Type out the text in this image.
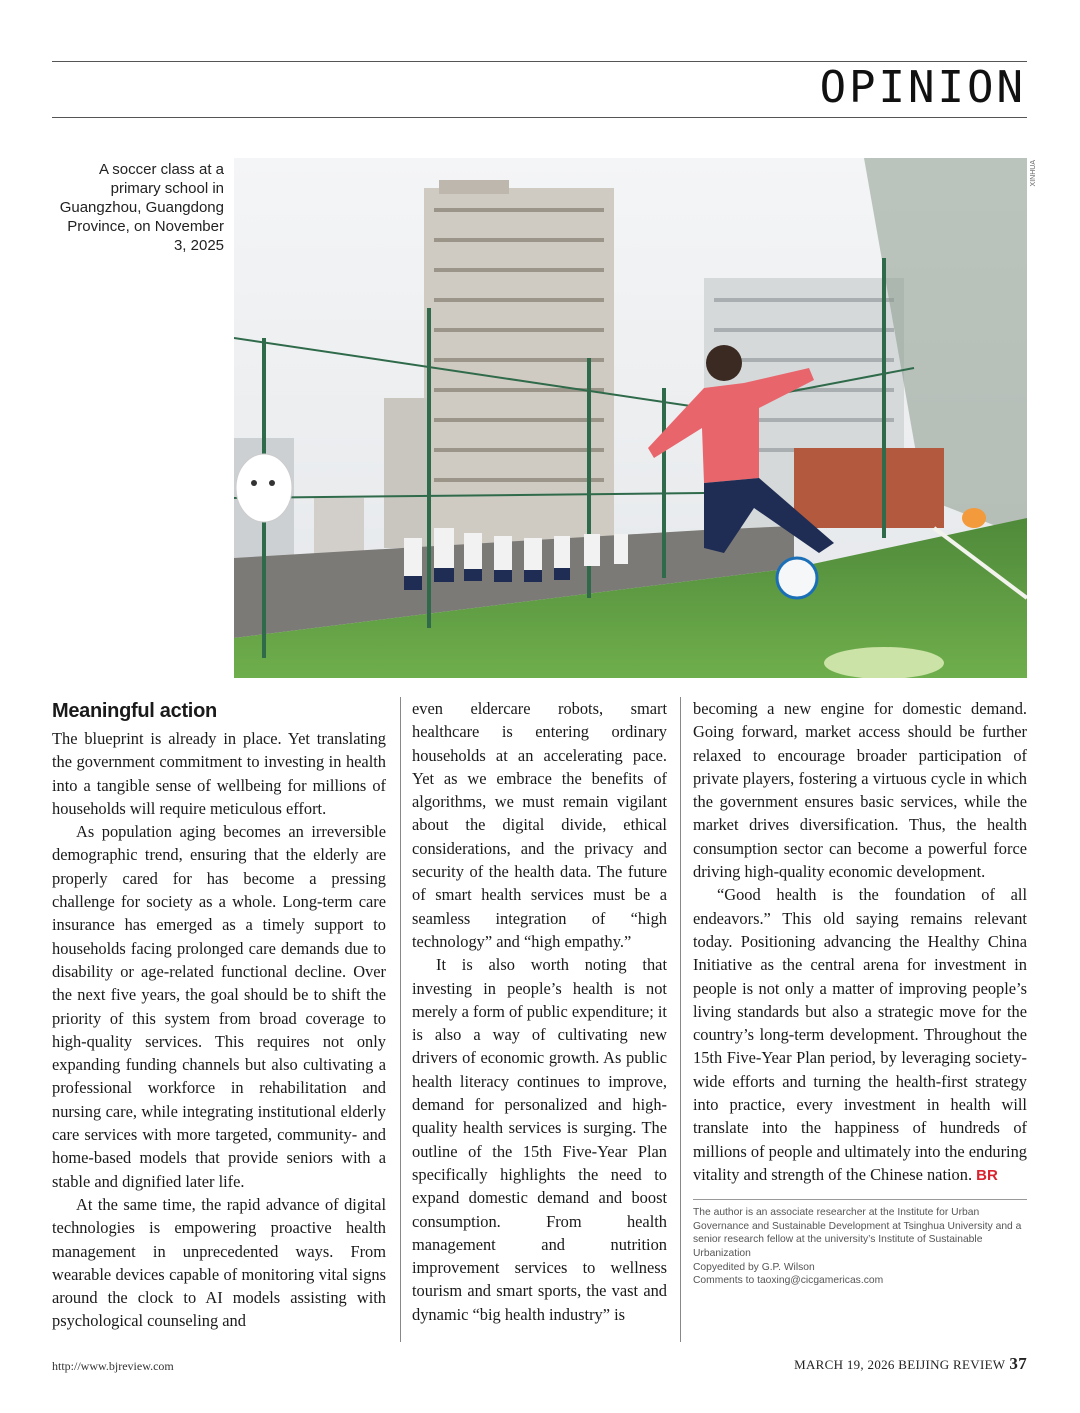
OPINION
A soccer class at a primary school in Guangzhou, Guangdong Province, on November 3, 2025
XINHUA
Meaningful action

The blueprint is already in place. Yet translating the government commitment to investing in health into a tangible sense of wellbeing for millions of households will require meticulous effort.

As population aging becomes an irreversible demographic trend, ensuring that the elderly are properly cared for has become a pressing challenge for society as a whole. Long-term care insurance has emerged as a timely support to households facing prolonged care demands due to disability or age-related functional decline. Over the next five years, the goal should be to shift the priority of this system from broad coverage to high-quality services. This requires not only expanding funding channels but also cultivating a professional workforce in rehabilitation and nursing care, while integrating institutional elderly care services with more targeted, community- and home-based models that provide seniors with a stable and dignified later life.

At the same time, the rapid advance of digital technologies is empowering proactive health management in unprecedented ways. From wearable devices capable of monitoring vital signs around the clock to AI models assisting with psychological counseling and

even eldercare robots, smart healthcare is entering ordinary households at an accelerating pace. Yet as we embrace the benefits of algorithms, we must remain vigilant about the digital divide, ethical considerations, and the privacy and security of the health data. The future of smart health services must be a seamless integration of “high technology” and “high empathy.”

It is also worth noting that investing in people’s health is not merely a form of public expenditure; it is also a way of cultivating new drivers of economic growth. As public health literacy continues to improve, demand for personalized and high-quality health services is surging. The outline of the 15th Five-Year Plan specifically highlights the need to expand domestic demand and boost consumption. From health management and nutrition improvement services to wellness tourism and smart sports, the vast and dynamic “big health industry” is

becoming a new engine for domestic demand. Going forward, market access should be further relaxed to encourage broader participation of private players, fostering a virtuous cycle in which the government ensures basic services, while the market drives diversification. Thus, the health consumption sector can become a powerful force driving high-quality economic development.

“Good health is the foundation of all endeavors.” This old saying remains relevant today. Positioning advancing the Healthy China Initiative as the central arena for investment in people is not only a matter of improving people’s living standards but also a strategic move for the country’s long-term development. Throughout the 15th Five-Year Plan period, by leveraging society-wide efforts and turning the health-first strategy into practice, every investment in health will translate into the happiness of hundreds of millions of people and ultimately into the enduring vitality and strength of the Chinese nation. BR

The author is an associate researcher at the Institute for Urban Governance and Sustainable Development at Tsinghua University and a senior research fellow at the university’s Institute of Sustainable Urbanization
Copyedited by G.P. Wilson
Comments to taoxing@cicgamericas.com
http://www.bjreview.com	MARCH 19, 2026 BEIJING REVIEW 37
